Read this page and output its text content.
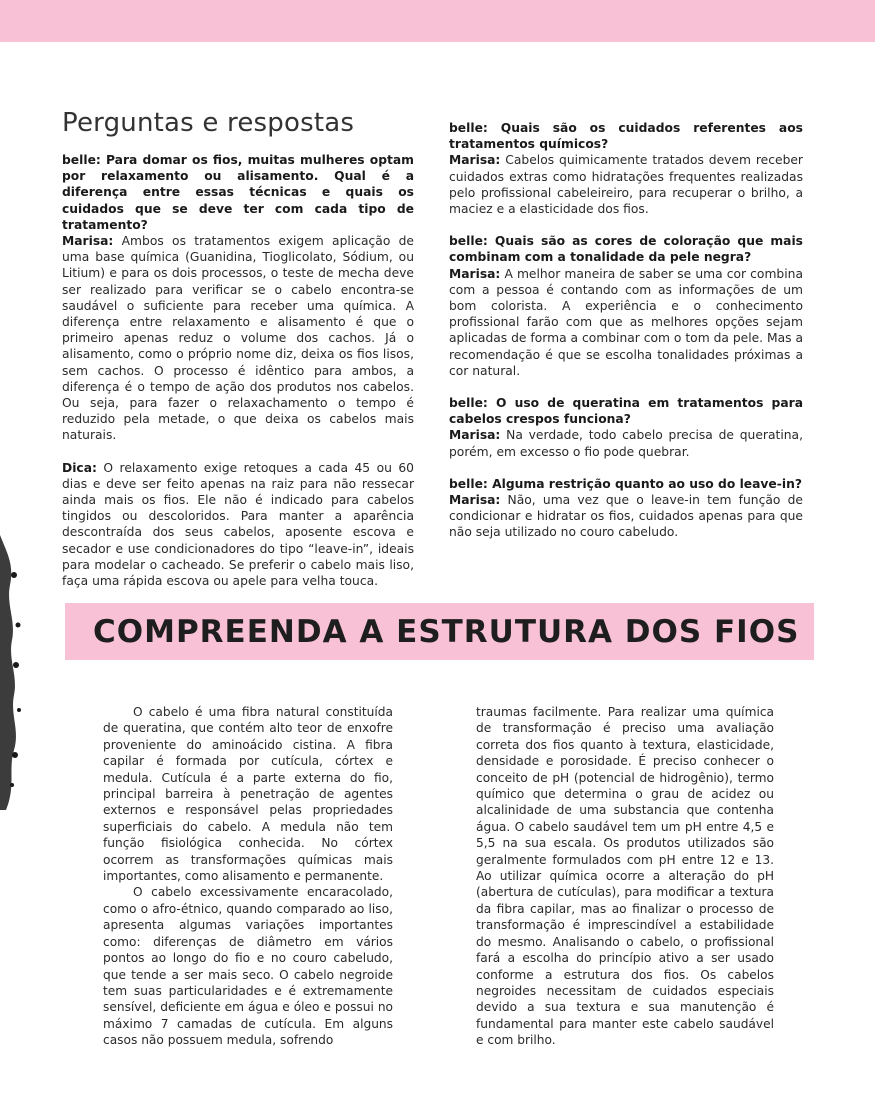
Perguntas e respostas

belle: Para domar os fios, muitas mulheres optam por relaxamento ou alisamento. Qual é a diferença entre essas técnicas e quais os cuidados que se deve ter com cada tipo de tratamento?
Marisa: Ambos os tratamentos exigem aplicação de uma base química (Guanidina, Tioglicolato, Sódium, ou Litium) e para os dois processos, o teste de mecha deve ser realizado para verificar se o cabelo encontra-se saudável o suficiente para receber uma química. A diferença entre relaxamento e alisamento é que o primeiro apenas reduz o volume dos cachos. Já o alisamento, como o próprio nome diz, deixa os fios lisos, sem cachos. O processo é idêntico para ambos, a diferença é o tempo de ação dos produtos nos cabelos. Ou seja, para fazer o relaxachamento o tempo é reduzido pela metade, o que deixa os cabelos mais naturais.

Dica: O relaxamento exige retoques a cada 45 ou 60 dias e deve ser feito apenas na raiz para não ressecar ainda mais os fios. Ele não é indicado para cabelos tingidos ou descoloridos. Para manter a aparência descontraída dos seus cabelos, aposente escova e secador e use condicionadores do tipo “leave-in”, ideais para modelar o cacheado. Se preferir o cabelo mais liso, faça uma rápida escova ou apele para velha touca.

belle: Quais são os cuidados referentes aos tratamentos químicos?
Marisa: Cabelos quimicamente tratados devem receber cuidados extras como hidratações frequentes realizadas pelo profissional cabeleireiro, para recuperar o brilho, a maciez e a elasticidade dos fios.

belle: Quais são as cores de coloração que mais combinam com a tonalidade da pele negra?
Marisa: A melhor maneira de saber se uma cor combina com a pessoa é contando com as informações de um bom colorista. A experiência e o conhecimento profissional farão com que as melhores opções sejam aplicadas de forma a combinar com o tom da pele. Mas a recomendação é que se escolha tonalidades próximas a cor natural.

belle: O uso de queratina em tratamentos para cabelos crespos funciona?
Marisa: Na verdade, todo cabelo precisa de queratina, porém, em excesso o fio pode quebrar.

belle: Alguma restrição quanto ao uso do leave-in?
Marisa: Não, uma vez que o leave-in tem função de condicionar e hidratar os fios, cuidados apenas para que não seja utilizado no couro cabeludo.

COMPREENDA A ESTRUTURA DOS FIOS

O cabelo é uma fibra natural constituída de queratina, que contém alto teor de enxofre proveniente do aminoácido cistina. A fibra capilar é formada por cutícula, córtex e medula. Cutícula é a parte externa do fio, principal barreira à penetração de agentes externos e responsável pelas propriedades superficiais do cabelo. A medula não tem função fisiológica conhecida. No córtex ocorrem as transformações químicas mais importantes, como alisamento e permanente.

O cabelo excessivamente encaracolado, como o afro-étnico, quando comparado ao liso, apresenta algumas variações importantes como: diferenças de diâmetro em vários pontos ao longo do fio e no couro cabeludo, que tende a ser mais seco. O cabelo negroide tem suas particularidades e é extremamente sensível, deficiente em água e óleo e possui no máximo 7 camadas de cutícula. Em alguns casos não possuem medula, sofrendo

traumas facilmente. Para realizar uma química de transformação é preciso uma avaliação correta dos fios quanto à textura, elasticidade, densidade e porosidade. É preciso conhecer o conceito de pH (potencial de hidrogênio), termo químico que determina o grau de acidez ou alcalinidade de uma substancia que contenha água. O cabelo saudável tem um pH entre 4,5 e 5,5 na sua escala. Os produtos utilizados são geralmente formulados com pH entre 12 e 13. Ao utilizar química ocorre a alteração do pH (abertura de cutículas), para modificar a textura da fibra capilar, mas ao finalizar o processo de transformação é imprescindível a estabilidade do mesmo. Analisando o cabelo, o profissional fará a escolha do princípio ativo a ser usado conforme a estrutura dos fios. Os cabelos negroides necessitam de cuidados especiais devido a sua textura e sua manutenção é fundamental para manter este cabelo saudável e com brilho.
